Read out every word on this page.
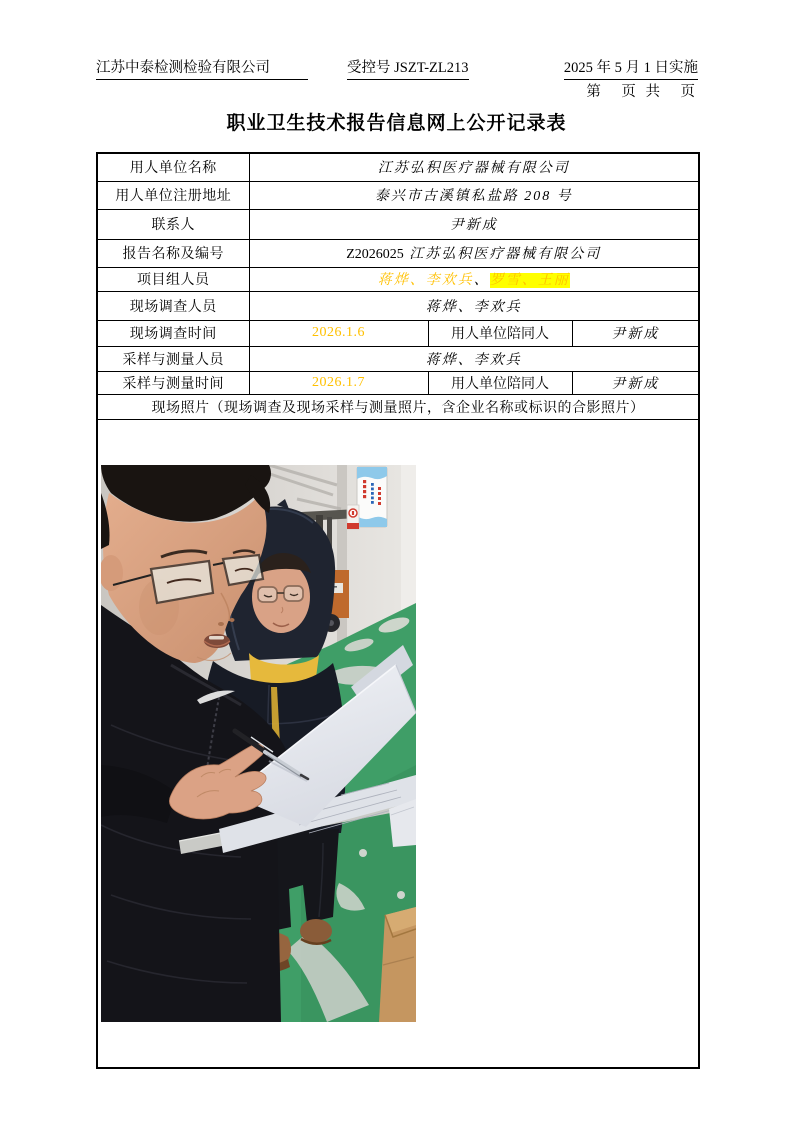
江苏中泰检测检验有限公司	受控号 JSZT-ZL213	2025 年 5 月 1 日实施
第　页 共　页
职业卫生技术报告信息网上公开记录表
用人单位名称	江苏弘积医疗器械有限公司		
用人单位注册地址	泰兴市古溪镇私盐路 208 号		
联系人	尹新成		
报告名称及编号	Z2026025 江苏弘积医疗器械有限公司		
项目组人员	蒋烨、李欢兵、罗雪、王丽		
现场调查人员	蒋烨、李欢兵		
现场调查时间	2026.1.6	用人单位陪同人	尹新成
采样与测量人员	蒋烨、李欢兵		
采样与测量时间	2026.1.7	用人单位陪同人	尹新成
现场照片（现场调查及现场采样与测量照片，含企业名称或标识的合影照片）			
